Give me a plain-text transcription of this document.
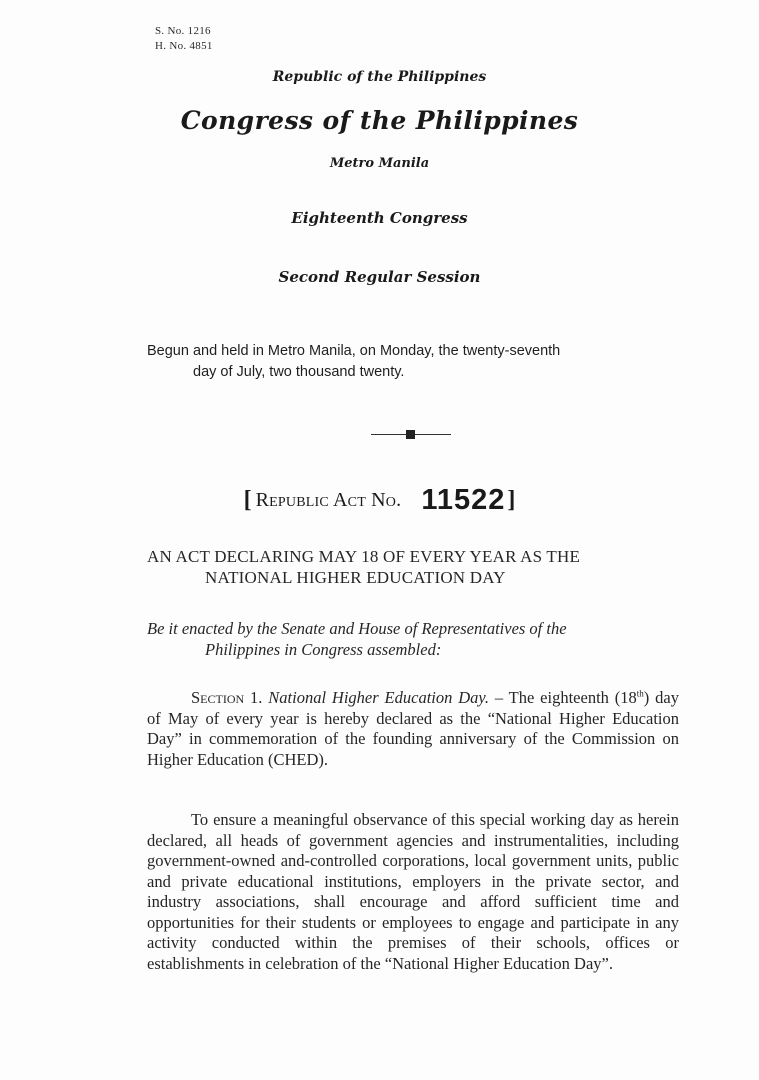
S. No. 1216
H. No. 4851
Republic of the Philippines
Congress of the Philippines
Metro Manila
Eighteenth Congress
Second Regular Session
Begun and held in Metro Manila, on Monday, the twenty-seventh
day of July, two thousand twenty.
[ Republic Act No. 11522]
AN ACT DECLARING MAY 18 OF EVERY YEAR AS THE
NATIONAL HIGHER EDUCATION DAY
Be it enacted by the Senate and House of Representatives of the
Philippines in Congress assembled:
Section 1. National Higher Education Day. – The eighteenth (18th) day of May of every year is hereby declared as the “National Higher Education Day” in commemoration of the founding anniversary of the Commission on Higher Education (CHED).
To ensure a meaningful observance of this special working day as herein declared, all heads of government agencies and instrumentalities, including government-owned and-controlled corporations, local government units, public and private educational institutions, employers in the private sector, and industry associations, shall encourage and afford sufficient time and opportunities for their students or employees to engage and participate in any activity conducted within the premises of their schools, offices or establishments in celebration of the “National Higher Education Day”.
